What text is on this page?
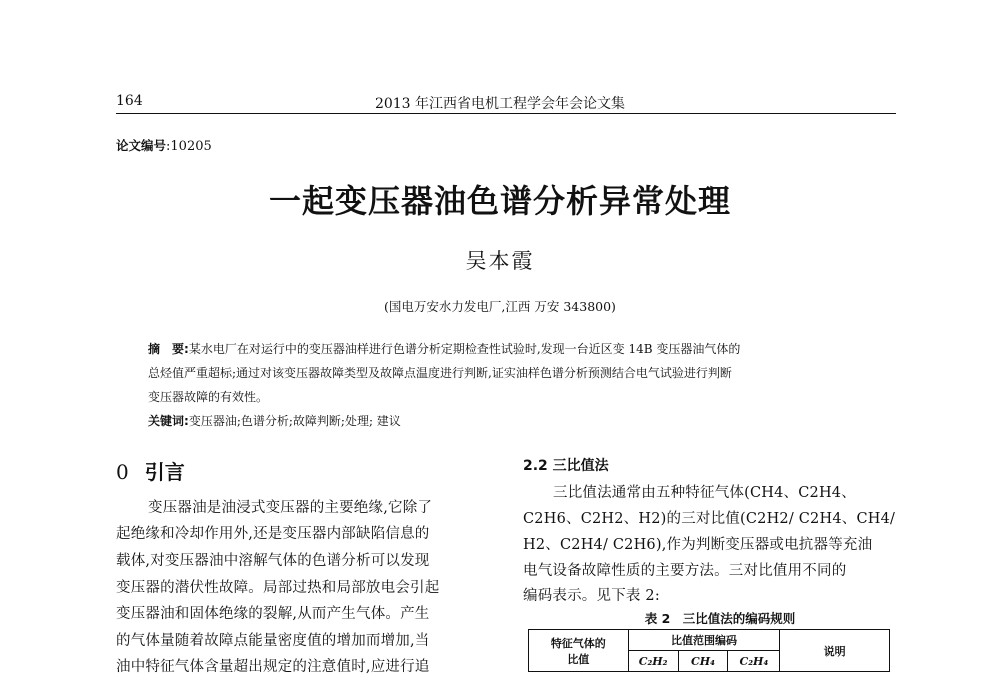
164	2013 年江西省电机工程学会年会论文集
论文编号:10205
一起变压器油色谱分析异常处理
吴本霞
(国电万安水力发电厂,江西 万安 343800)
摘　要:某水电厂在对运行中的变压器油样进行色谱分析定期检查性试验时,发现一台近区变 14B 变压器油气体的
总烃值严重超标;通过对该变压器故障类型及故障点温度进行判断,证实油样色谱分析预测结合电气试验进行判断
变压器故障的有效性。
关键词:变压器油;色谱分析;故障判断;处理; 建议
0 引言
变压器油是油浸式变压器的主要绝缘,它除了
起绝缘和冷却作用外,还是变压器内部缺陷信息的
载体,对变压器油中溶解气体的色谱分析可以发现
变压器的潜伏性故障。局部过热和局部放电会引起
变压器油和固体绝缘的裂解,从而产生气体。产生
的气体量随着故障点能量密度值的增加而增加,当
油中特征气体含量超出规定的注意值时,应进行追
2.2 三比值法
三比值法通常由五种特征气体(CH4、C2H4、
C2H6、C2H2、H2)的三对比值(C2H2/ C2H4、CH4/
H2、C2H4/ C2H6),作为判断变压器或电抗器等充油
电气设备故障性质的主要方法。三对比值用不同的
编码表示。见下表 2:
表 2　三比值法的编码规则
特征气体的
比值	比值范围编码			说明
	C₂H₂	CH₄	C₂H₄	
